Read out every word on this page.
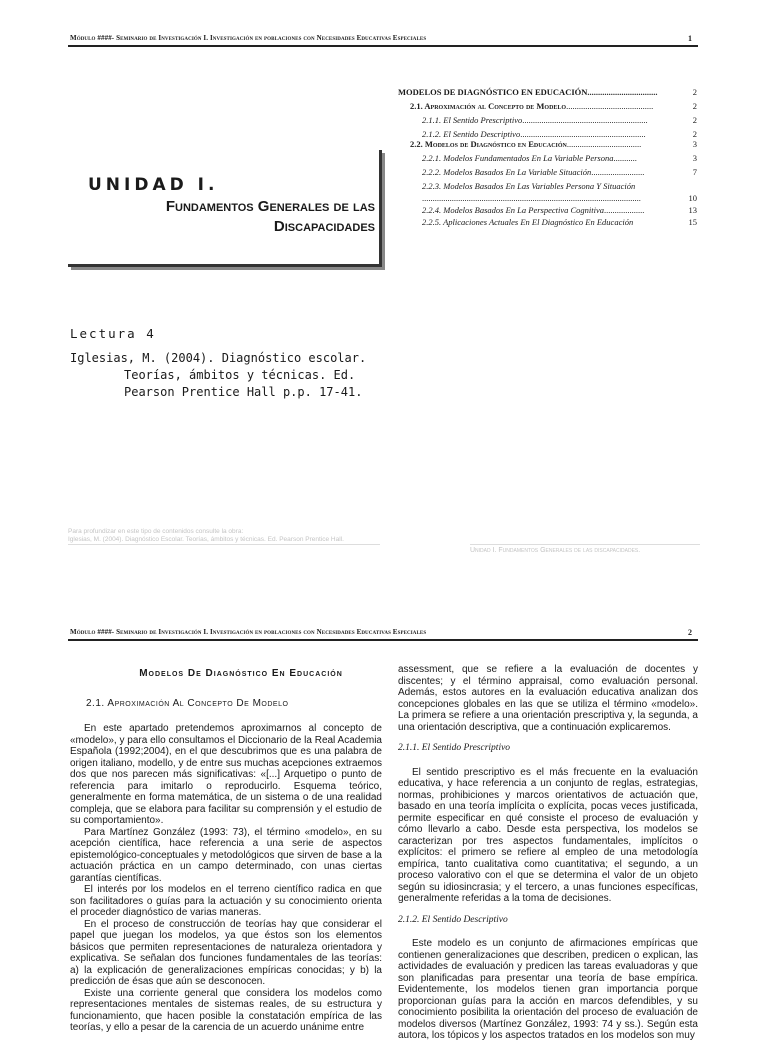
Módulo ####- Seminario de Investigación I. Investigación en poblaciones con Necesidades Educativas Especiales	1
MODELOS DE DIAGNÓSTICO EN EDUCACIÓN.................................	2
2.1. Aproximación al Concepto de Modelo.........................................	2
2.1.1. El Sentido Prescriptivo...........................................................	2
2.1.2. El Sentido Descriptivo...........................................................	2
2.2. Modelos de Diagnóstico en Educación...................................	3
2.2.1. Modelos Fundamentados En La Variable Persona...........	3
2.2.2. Modelos Basados En La Variable Situación.........................	7
2.2.3. Modelos Basados En Las Variables Persona Y Situación
.......................................................................................................	10
2.2.4. Modelos Basados En La Perspectiva Cognitiva...................	13
2.2.5. Aplicaciones Actuales En El Diagnóstico En Educación	15
UNIDAD I.
Fundamentos Generales de las
Discapacidades
Lectura 4
Iglesias, M. (2004). Diagnóstico escolar.
Teorías, ámbitos y técnicas. Ed.
Pearson Prentice Hall p.p. 17-41.
Para profundizar en este tipo de contenidos consulte la obra:
Iglesias, M. (2004). Diagnóstico Escolar. Teorías, ámbitos y técnicas. Ed. Pearson Prentice Hall.
Unidad I. Fundamentos Generales de las discapacidades.
Módulo ####- Seminario de Investigación I. Investigación en poblaciones con Necesidades Educativas Especiales	2
Modelos De Diagnóstico En Educación
2.1. Aproximación Al Concepto De Modelo

En este apartado pretendemos aproximarnos al concepto de «modelo», y para ello consultamos el Diccionario de la Real Academia Española (1992;2004), en el que descubrimos que es una palabra de origen italiano, modello, y de entre sus muchas acepciones extraemos dos que nos parecen más significativas: «[...] Arquetipo o punto de referencia para imitarlo o reproducirlo. Esquema teórico, generalmente en forma matemática, de un sistema o de una realidad compleja, que se elabora para facilitar su comprensión y el estudio de su comportamiento».

Para Martínez González (1993: 73), el término «modelo», en su acepción científica, hace referencia a una serie de aspectos epistemológico-conceptuales y metodológicos que sirven de base a la actuación práctica en un campo determinado, con unas ciertas garantías científicas.

El interés por los modelos en el terreno científico radica en que son facilitadores o guías para la actuación y su conocimiento orienta el proceder diagnóstico de varias maneras.

En el proceso de construcción de teorías hay que considerar el papel que juegan los modelos, ya que éstos son los elementos básicos que permiten representaciones de naturaleza orientadora y explicativa. Se señalan dos funciones fundamentales de las teorías: a) la explicación de generalizaciones empíricas conocidas; y b) la predicción de ésas que aún se desconocen.

Existe una corriente general que considera los modelos como representaciones mentales de sistemas reales, de su estructura y funcionamiento, que hacen posible la constatación empírica de las teorías, y ello a pesar de la carencia de un acuerdo unánime entre

assessment, que se refiere a la evaluación de docentes y discentes; y el término appraisal, como evaluación personal. Además, estos autores en la evaluación educativa analizan dos concepciones globales en las que se utiliza el término «modelo». La primera se refiere a una orientación prescriptiva y, la segunda, a una orientación descriptiva, que a continuación explicaremos.
2.1.1. El Sentido Prescriptivo

El sentido prescriptivo es el más frecuente en la evaluación educativa, y hace referencia a un conjunto de reglas, estrategias, normas, prohibiciones y marcos orientativos de actuación que, basado en una teoría implícita o explícita, pocas veces justificada, permite especificar en qué consiste el proceso de evaluación y cómo llevarlo a cabo. Desde esta perspectiva, los modelos se caracterizan por tres aspectos fundamentales, implícitos o explícitos: el primero se refiere al empleo de una metodología empírica, tanto cualitativa como cuantitativa; el segundo, a un proceso valorativo con el que se determina el valor de un objeto según su idiosincrasia; y el tercero, a unas funciones específicas, generalmente referidas a la toma de decisiones.

2.1.2. El Sentido Descriptivo

Este modelo es un conjunto de afirmaciones empíricas que contienen generalizaciones que describen, predicen o explican, las actividades de evaluación y predicen las tareas evaluadoras y que son planificadas para presentar una teoría de base empírica. Evidentemente, los modelos tienen gran importancia porque proporcionan guías para la acción en marcos defendibles, y su conocimiento posibilita la orientación del proceso de evaluación de modelos diversos (Martínez González, 1993: 74 y ss.). Según esta autora, los tópicos y los aspectos tratados en los modelos son muy
